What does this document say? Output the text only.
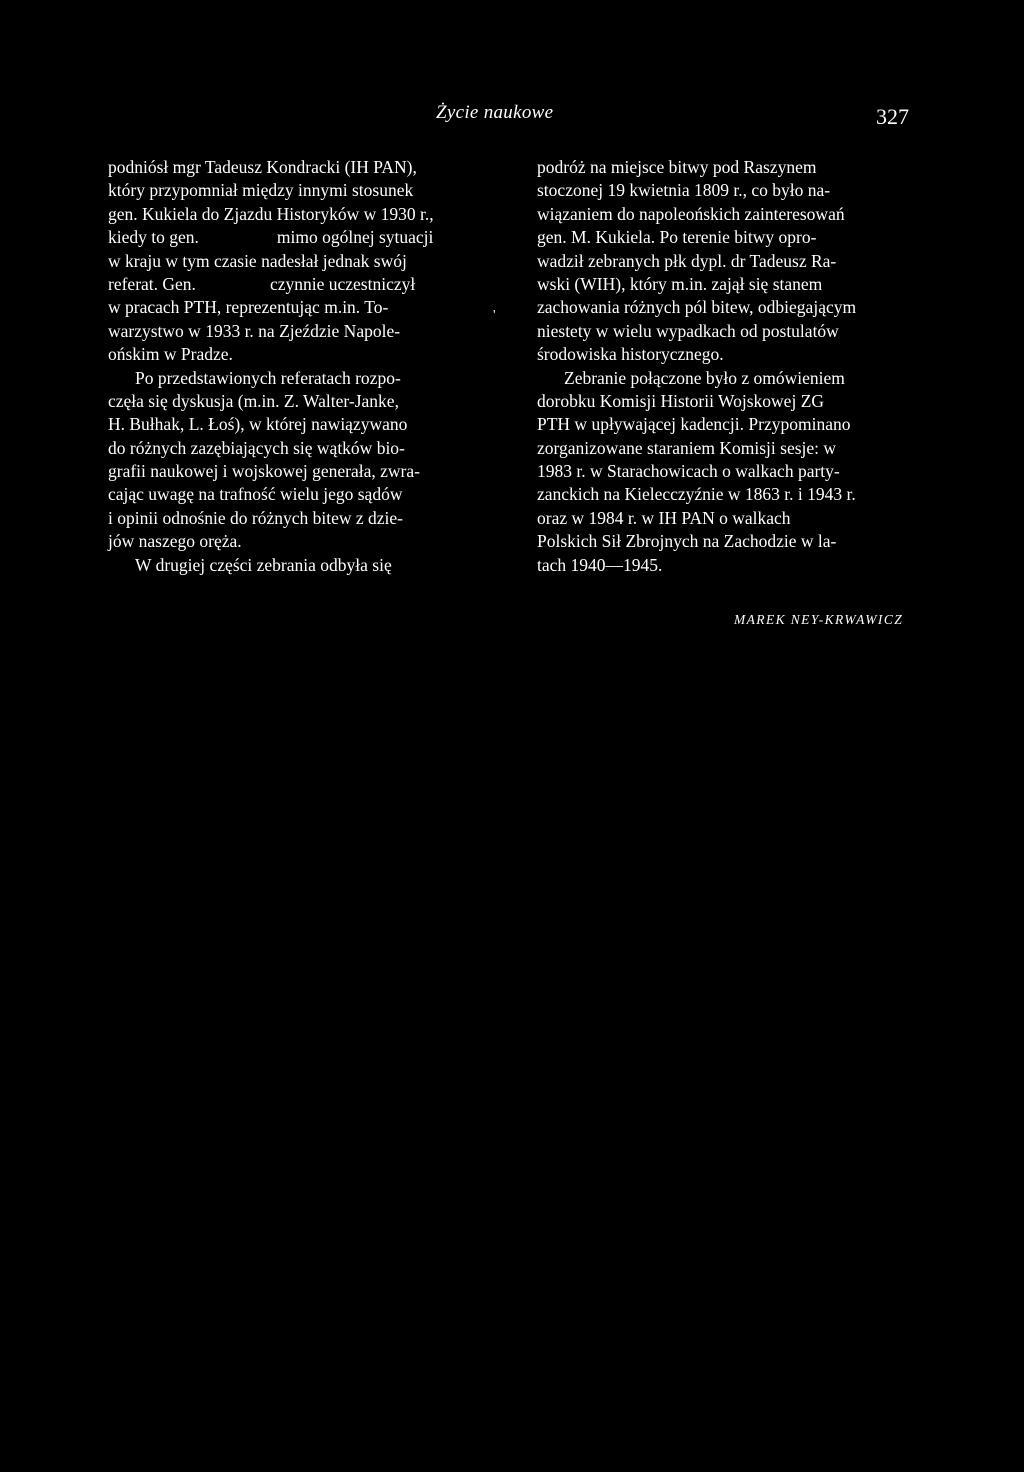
Życie naukowe	327
podniósł mgr Tadeusz Kondracki (IH PAN),
który przypomniał między innymi stosunek
gen. Kukiela do Zjazdu Historyków w 1930 r.,
kiedy to gen.	mimo ogólnej sytuacji
w kraju w tym czasie nadesłał jednak swój
referat. Gen.	czynnie uczestniczył
w pracach PTH, reprezentując m.in. To-
warzystwo w 1933 r. na Zjeździe Napole-
ońskim w Pradze.
Po przedstawionych referatach rozpo-
częła się dyskusja (m.in. Z. Walter-Janke,
H. Bułhak, L. Łoś), w której nawiązywano
do różnych zazębiających się wątków bio-
grafii naukowej i wojskowej generała, zwra-
cając uwagę na trafność wielu jego sądów
i opinii odnośnie do różnych bitew z dzie-
jów naszego oręża.
W drugiej części zebrania odbyła się
'
podróż na miejsce bitwy pod Raszynem
stoczonej 19 kwietnia 1809 r., co było na-
wiązaniem do napoleońskich zainteresowań
gen. M. Kukiela. Po terenie bitwy opro-
wadził zebranych płk dypl. dr Tadeusz Ra-
wski (WIH), który m.in. zajął się stanem
zachowania różnych pól bitew, odbiegającym
niestety w wielu wypadkach od postulatów
środowiska historycznego.
Zebranie połączone było z omówieniem
dorobku Komisji Historii Wojskowej ZG
PTH w upływającej kadencji. Przypominano
zorganizowane staraniem Komisji sesje: w
1983 r. w Starachowicach o walkach party-
zanckich na Kielecczyźnie w 1863 r. i 1943 r.
oraz w 1984 r. w IH PAN o walkach
Polskich Sił Zbrojnych na Zachodzie w la-
tach 1940—1945.
MAREK NEY-KRWAWICZ
